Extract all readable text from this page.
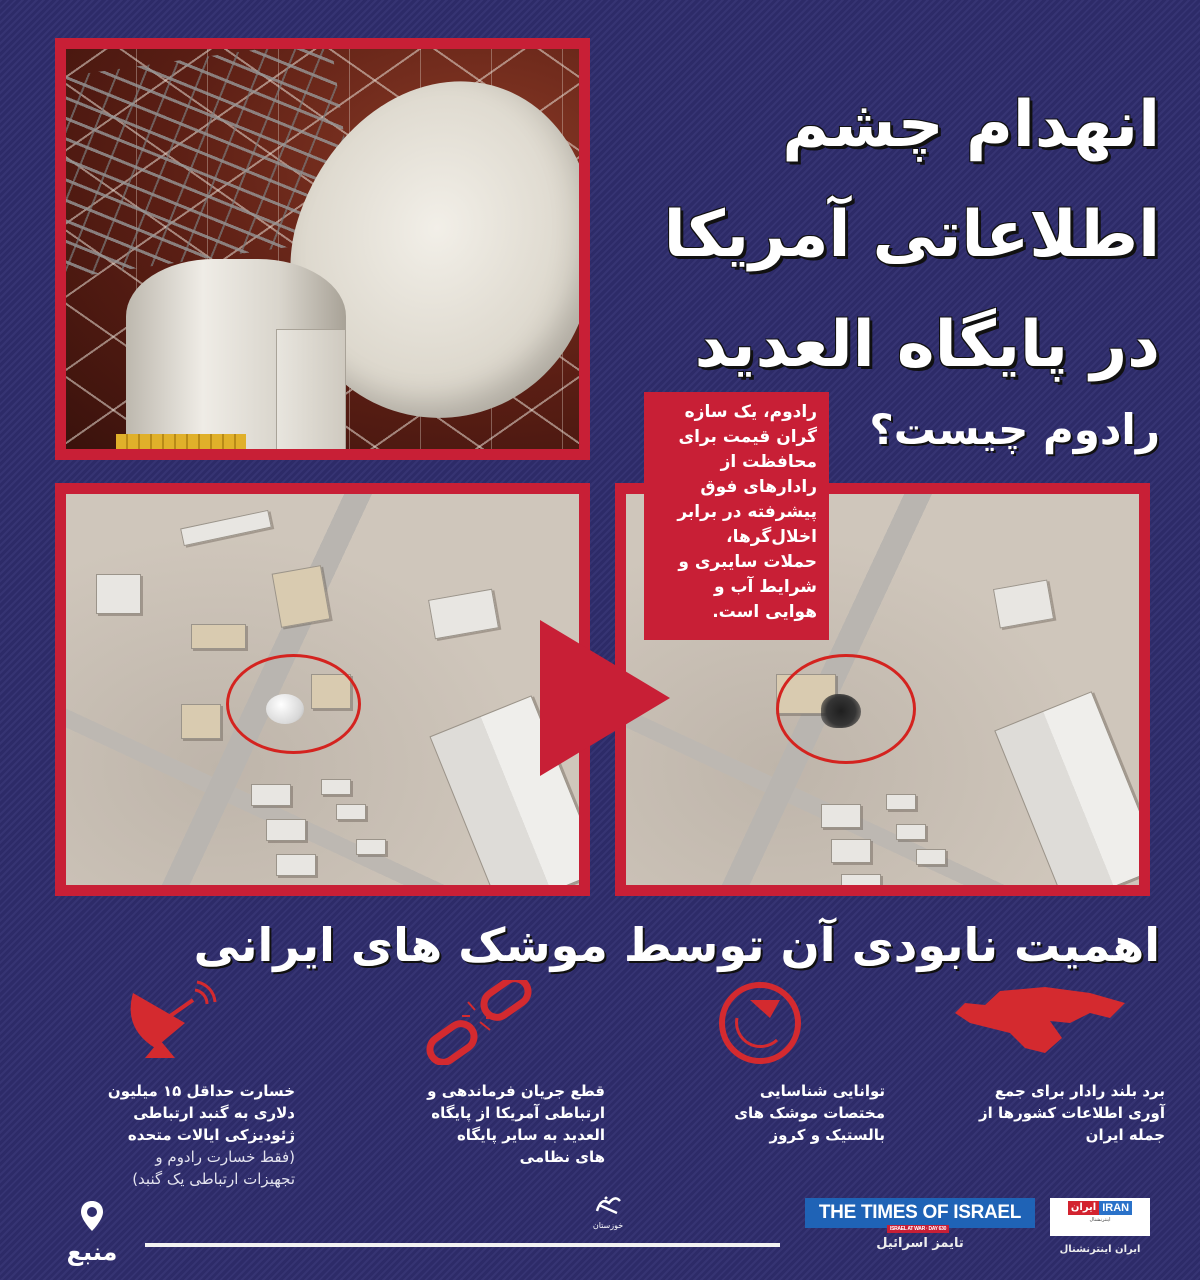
انهدام چشم
اطلاعاتی آمریکا
در پایگاه العدید
رادوم چیست؟
رادوم، یک سازه
گران قیمت برای
محافظت از
رادارهای فوق
پیشرفته در برابر
اخلال‌گرها،
حملات سایبری و
شرایط آب و
هوایی است.
اهمیت نابودی آن توسط موشک های ایرانی
برد بلند رادار برای جمع
آوری اطلاعات کشورها از
جمله ایران
توانایی شناسایی
مختصات موشک های
بالستیک و کروز
قطع جریان فرماندهی و
ارتباطی آمریکا از پایگاه
العدید به سایر پایگاه
های نظامی
خسارت حداقل ۱۵ میلیون
دلاری به گنبد ارتباطی
ژئودیزکی ایالات متحده
(فقط خسارت رادوم و
تجهیزات ارتباطی یک گنبد)
منبع
خوزستان
THE TIMES OF ISRAEL
ISRAEL AT WAR · DAY 630
تایمز اسرائیل
ایران IRAN
اینترنشنال
ایران اینترنشنال
